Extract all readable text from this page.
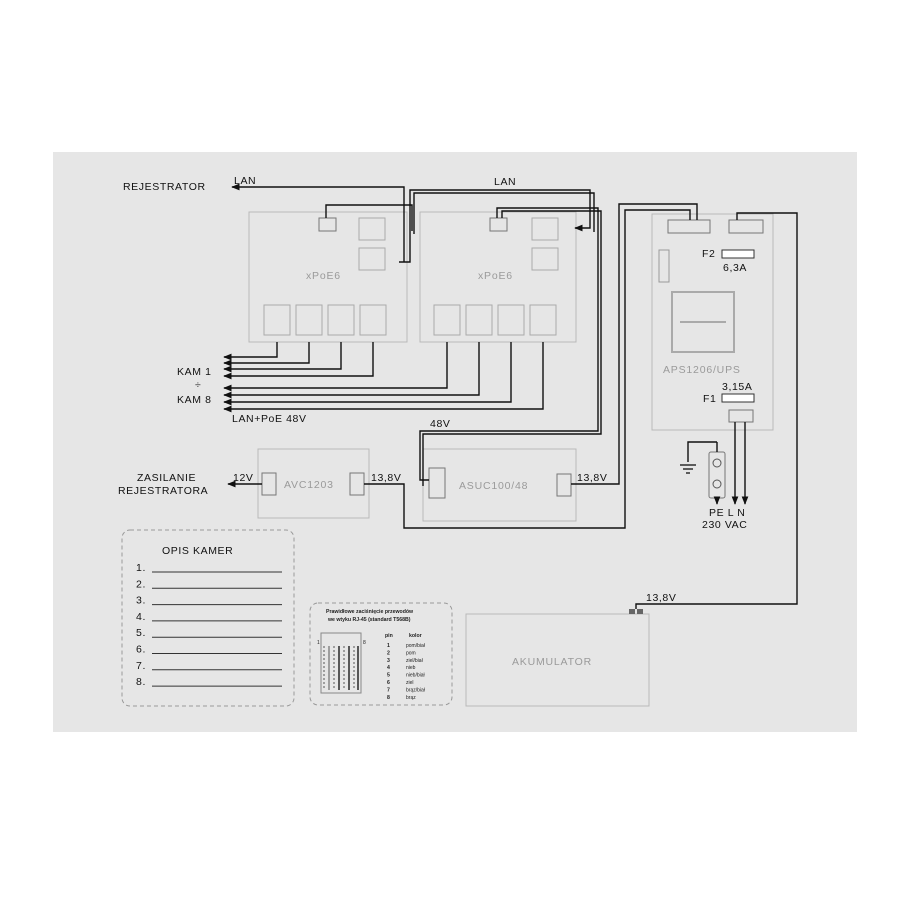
xPoE6	xPoE6
APS1206/UPS
F2
6,3A
3,15A
F1
AVC1203	ASUC100/48
AKUMULATOR
REJESTRATOR	LAN	LAN
KAM 1
÷
KAM 8
LAN+PoE 48V	48V
ZASILANIE
REJESTRATORA
12V	13,8V	13,8V
13,8V
PE L N
230 VAC
OPIS KAMER
1.
2.
3.
4.
5.
6.
7.
8.
Prawidłowe zaciśnięcie przewodów
we wtyku RJ-45 (standard T568B)
1	8
pin	kolor
1	pom/biał
2	pom
3	ziel/biał
4	nieb
5	nieb/biał
6	ziel
7	brąz/biał
8	brąz
